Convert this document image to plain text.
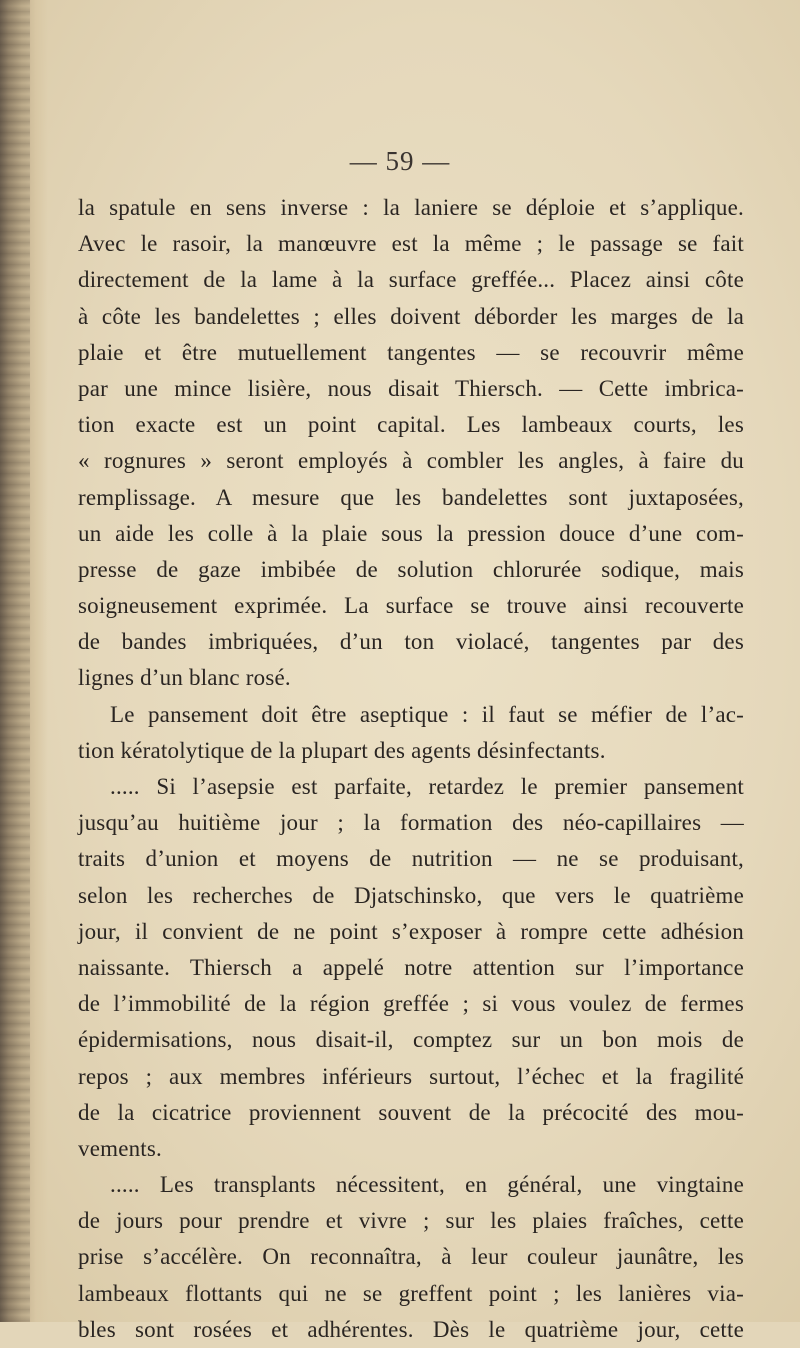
— 59 —
la spatule en sens inverse : la laniere se déploie et s’applique.
Avec le rasoir, la manœuvre est la même ; le passage se fait
directement de la lame à la surface greffée... Placez ainsi côte
à côte les bandelettes ; elles doivent déborder les marges de la
plaie et être mutuellement tangentes — se recouvrir même
par une mince lisière, nous disait Thiersch. — Cette imbrica-
tion exacte est un point capital. Les lambeaux courts, les
« rognures » seront employés à combler les angles, à faire du
remplissage. A mesure que les bandelettes sont juxtaposées,
un aide les colle à la plaie sous la pression douce d’une com-
presse de gaze imbibée de solution chlorurée sodique, mais
soigneusement exprimée. La surface se trouve ainsi recouverte
de bandes imbriquées, d’un ton violacé, tangentes par des
lignes d’un blanc rosé.
Le pansement doit être aseptique : il faut se méfier de l’ac-
tion kératolytique de la plupart des agents désinfectants.
..... Si l’asepsie est parfaite, retardez le premier pansement
jusqu’au huitième jour ; la formation des néo-capillaires —
traits d’union et moyens de nutrition — ne se produisant,
selon les recherches de Djatschinsko, que vers le quatrième
jour, il convient de ne point s’exposer à rompre cette adhésion
naissante. Thiersch a appelé notre attention sur l’importance
de l’immobilité de la région greffée ; si vous voulez de fermes
épidermisations, nous disait-il, comptez sur un bon mois de
repos ; aux membres inférieurs surtout, l’échec et la fragilité
de la cicatrice proviennent souvent de la précocité des mou-
vements.
..... Les transplants nécessitent, en général, une vingtaine
de jours pour prendre et vivre ; sur les plaies fraîches, cette
prise s’accélère. On reconnaîtra, à leur couleur jaunâtre, les
lambeaux flottants qui ne se greffent point ; les lanières via-
bles sont rosées et adhérentes. Dès le quatrième jour, cette
